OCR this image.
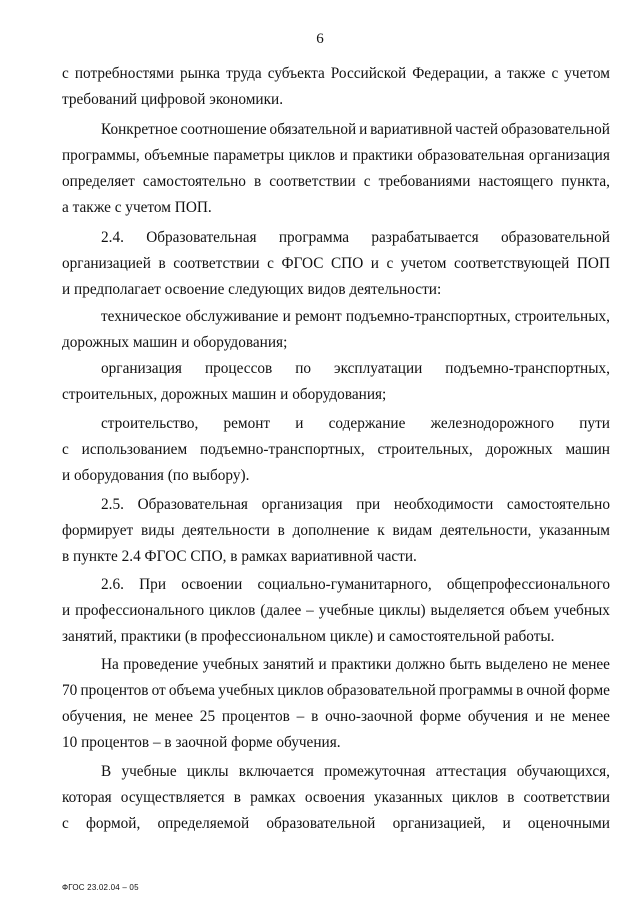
6
с потребностями рынка труда субъекта Российской Федерации, а также с учетом
требований цифровой экономики.
Конкретное соотношение обязательной и вариативной частей образовательной
программы, объемные параметры циклов и практики образовательная организация
определяет самостоятельно в соответствии с требованиями настоящего пункта,
а также с учетом ПОП.
2.4. Образовательная программа разрабатывается образовательной
организацией в соответствии с ФГОС СПО и с учетом соответствующей ПОП
и предполагает освоение следующих видов деятельности:
техническое обслуживание и ремонт подъемно-транспортных, строительных,
дорожных машин и оборудования;
организация процессов по эксплуатации подъемно-транспортных,
строительных, дорожных машин и оборудования;
строительство, ремонт и содержание железнодорожного пути
с использованием подъемно-транспортных, строительных, дорожных машин
и оборудования (по выбору).
2.5. Образовательная организация при необходимости самостоятельно
формирует виды деятельности в дополнение к видам деятельности, указанным
в пункте 2.4 ФГОС СПО, в рамках вариативной части.
2.6. При освоении социально-гуманитарного, общепрофессионального
и профессионального циклов (далее – учебные циклы) выделяется объем учебных
занятий, практики (в профессиональном цикле) и самостоятельной работы.
На проведение учебных занятий и практики должно быть выделено не менее
70 процентов от объема учебных циклов образовательной программы в очной форме
обучения, не менее 25 процентов – в очно-заочной форме обучения и не менее
10 процентов – в заочной форме обучения.
В учебные циклы включается промежуточная аттестация обучающихся,
которая осуществляется в рамках освоения указанных циклов в соответствии
с формой, определяемой образовательной организацией, и оценочными
ФГОС 23.02.04 – 05
